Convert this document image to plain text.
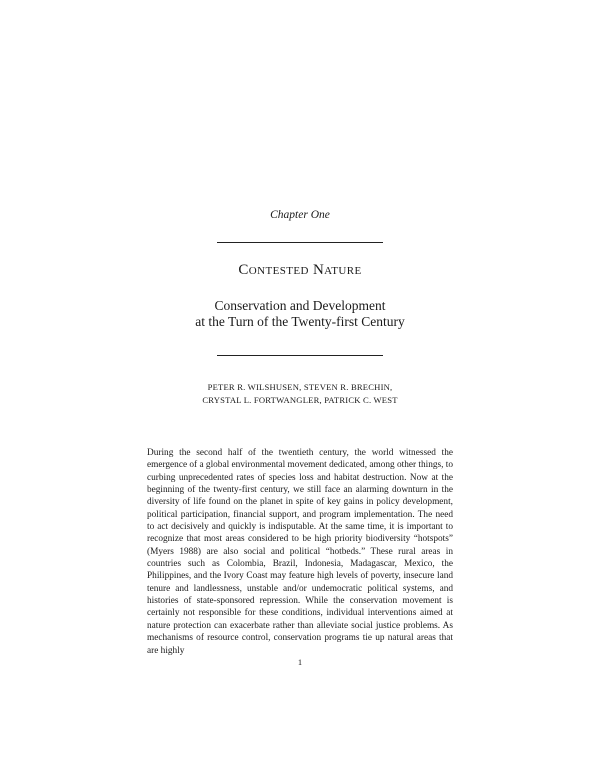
Chapter One
Contested Nature
Conservation and Development
at the Turn of the Twenty-first Century
PETER R. WILSHUSEN, STEVEN R. BRECHIN,
CRYSTAL L. FORTWANGLER, PATRICK C. WEST

During the second half of the twentieth century, the world witnessed the emergence of a global environmental movement dedicated, among other things, to curbing unprecedented rates of species loss and habitat destruction. Now at the beginning of the twenty-first century, we still face an alarming downturn in the diversity of life found on the planet in spite of key gains in policy development, political participation, financial support, and program implementation. The need to act decisively and quickly is indisputable. At the same time, it is important to recognize that most areas considered to be high priority biodiversity “hotspots” (Myers 1988) are also social and political “hotbeds.” These rural areas in countries such as Colombia, Brazil, Indonesia, Madagascar, Mexico, the Philippines, and the Ivory Coast may feature high levels of poverty, insecure land tenure and landlessness, unstable and/or undemocratic political systems, and histories of state-sponsored repression. While the conservation movement is certainly not responsible for these conditions, individual interventions aimed at nature protection can exacerbate rather than alleviate social justice problems. As mechanisms of resource control, conservation programs tie up natural areas that are highly

1
